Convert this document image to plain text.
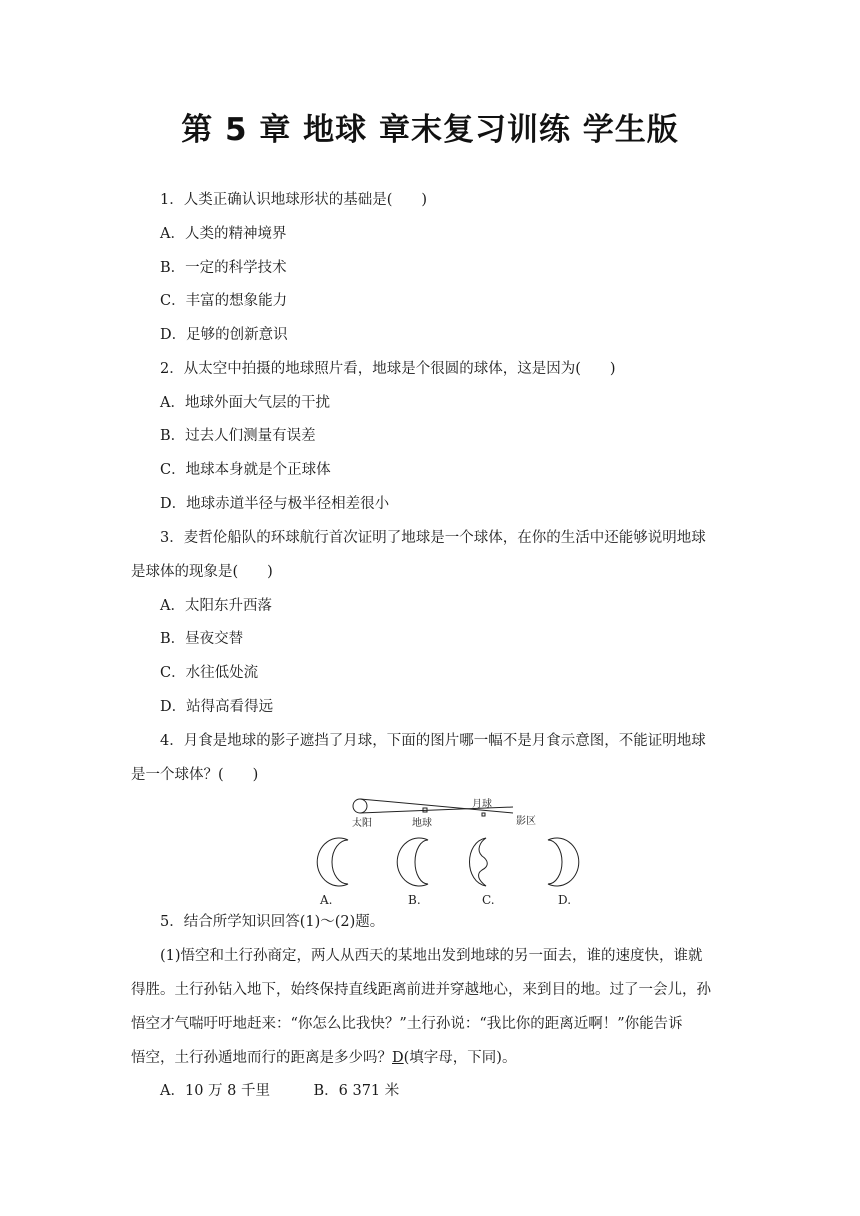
第 5 章 地球 章末复习训练 学生版
1．人类正确认识地球形状的基础是(　　)
A．人类的精神境界
B．一定的科学技术
C．丰富的想象能力
D．足够的创新意识
2．从太空中拍摄的地球照片看，地球是个很圆的球体，这是因为(　　)
A．地球外面大气层的干扰
B．过去人们测量有误差
C．地球本身就是个正球体
D．地球赤道半径与极半径相差很小
3．麦哲伦船队的环球航行首次证明了地球是一个球体，在你的生活中还能够说明地球
是球体的现象是(　　)
A．太阳东升西落
B．昼夜交替
C．水往低处流
D．站得高看得远
4．月食是地球的影子遮挡了月球，下面的图片哪一幅不是月食示意图，不能证明地球
是一个球体？(　　)
太阳	地球
月球
影区
A.	B.	C.	D.
5．结合所学知识回答(1)～(2)题。
(1)悟空和土行孙商定，两人从西天的某地出发到地球的另一面去，谁的速度快，谁就
得胜。土行孙钻入地下，始终保持直线距离前进并穿越地心，来到目的地。过了一会儿，孙
悟空才气喘吁吁地赶来：“你怎么比我快？”土行孙说：“我比你的距离近啊！”你能告诉
悟空，土行孙遁地而行的距离是多少吗？D(填字母，下同)。
A．10 万 8 千里　　　B．6 371 米
